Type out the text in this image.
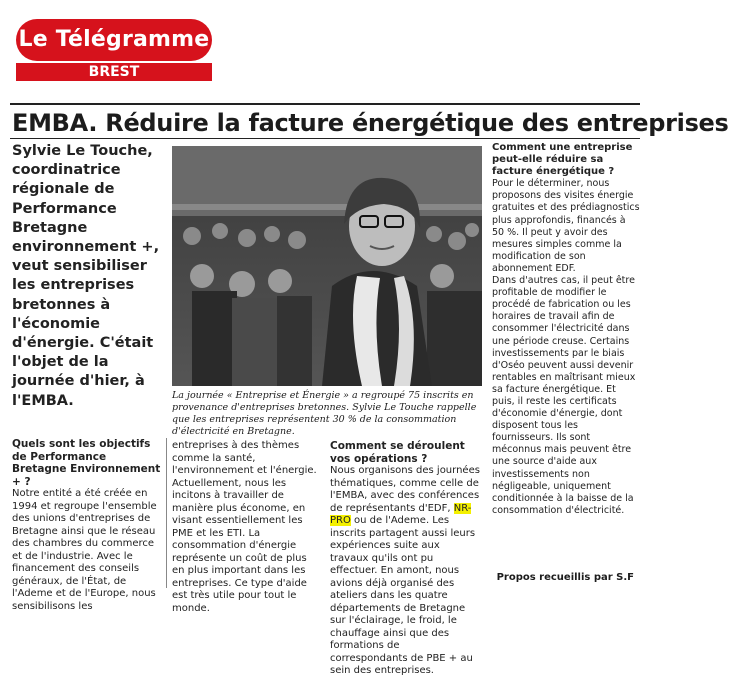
Le Télégramme
BREST
EMBA. Réduire la facture énergétique des entreprises
Sylvie Le Touche, coordinatrice régionale de Performance Bretagne environnement +, veut sensibiliser les entreprises bretonnes à l'économie d'énergie. C'était l'objet de la journée d'hier, à l'EMBA.	La journée « Entreprise et Énergie » a regroupé 75 inscrits en provenance d'entreprises bretonnes. Sylvie Le Touche rappelle que les entreprises représentent 30 % de la consommation d'électricité en Bretagne.

Quels sont les objectifs de Performance Bretagne Environnement + ?

Notre entité a été créée en 1994 et regroupe l'ensemble des unions d'entreprises de Bretagne ainsi que le réseau des chambres du commerce et de l'industrie. Avec le financement des conseils généraux, de l'État, de l'Ademe et de l'Europe, nous sensibilisons les

entreprises à des thèmes comme la santé, l'environnement et l'énergie. Actuellement, nous les incitons à travailler de manière plus économe, en visant essentiellement les PME et les ETI. La consommation d'énergie représente un coût de plus en plus important dans les entreprises. Ce type d'aide est très utile pour tout le monde.

Comment se déroulent vos opérations ?

Nous organisons des journées thématiques, comme celle de l'EMBA, avec des conférences de représentants d'EDF, NR-PRO ou de l'Ademe. Les inscrits partagent aussi leurs expériences suite aux travaux qu'ils ont pu effectuer. En amont, nous avions déjà organisé des ateliers dans les quatre départements de Bretagne sur l'éclairage, le froid, le chauffage ainsi que des formations de correspondants de PBE + au sein des entreprises.

Comment une entreprise peut-elle réduire sa facture énergétique ?

Pour le déterminer, nous proposons des visites énergie gratuites et des prédiagnostics plus approfondis, financés à 50 %. Il peut y avoir des mesures simples comme la modification de son abonnement EDF.

Dans d'autres cas, il peut être profitable de modifier le procédé de fabrication ou les horaires de travail afin de consommer l'électricité dans une période creuse. Certains investissements par le biais d'Oséo peuvent aussi devenir rentables en maîtrisant mieux sa facture énergétique. Et puis, il reste les certificats d'économie d'énergie, dont disposent tous les fournisseurs. Ils sont méconnus mais peuvent être une source d'aide aux investissements non négligeable, uniquement conditionnée à la baisse de la consommation d'électricité.

Propos recueillis par S.F
